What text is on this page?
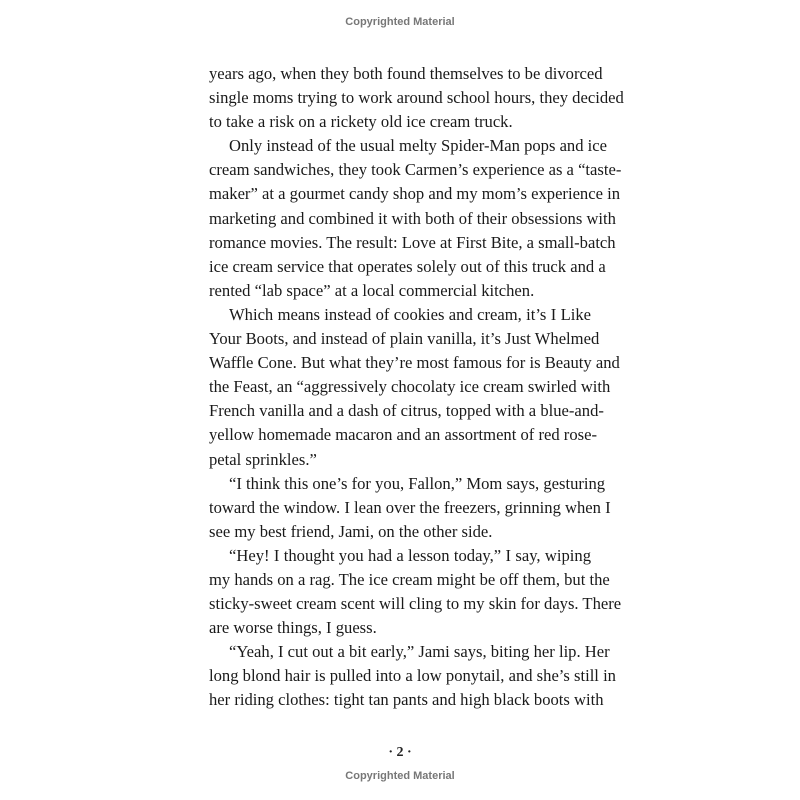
Copyrighted Material
years ago, when they both found themselves to be divorced
single moms trying to work around school hours, they decided
to take a risk on a rickety old ice cream truck.
Only instead of the usual melty Spider-Man pops and ice
cream sandwiches, they took Carmen’s experience as a “taste-
maker” at a gourmet candy shop and my mom’s experience in
marketing and combined it with both of their obsessions with
romance movies. The result: Love at First Bite, a small-batch
ice cream service that operates solely out of this truck and a
rented “lab space” at a local commercial kitchen.
Which means instead of cookies and cream, it’s I Like
Your Boots, and instead of plain vanilla, it’s Just Whelmed
Waffle Cone. But what they’re most famous for is Beauty and
the Feast, an “aggressively chocolaty ice cream swirled with
French vanilla and a dash of citrus, topped with a blue-and-
yellow homemade macaron and an assortment of red rose-
petal sprinkles.”
“I think this one’s for you, Fallon,” Mom says, gesturing
toward the window. I lean over the freezers, grinning when I
see my best friend, Jami, on the other side.
“Hey! I thought you had a lesson today,” I say, wiping
my hands on a rag. The ice cream might be off them, but the
sticky-sweet cream scent will cling to my skin for days. There
are worse things, I guess.
“Yeah, I cut out a bit early,” Jami says, biting her lip. Her
long blond hair is pulled into a low ponytail, and she’s still in
her riding clothes: tight tan pants and high black boots with
· 2 ·
Copyrighted Material
